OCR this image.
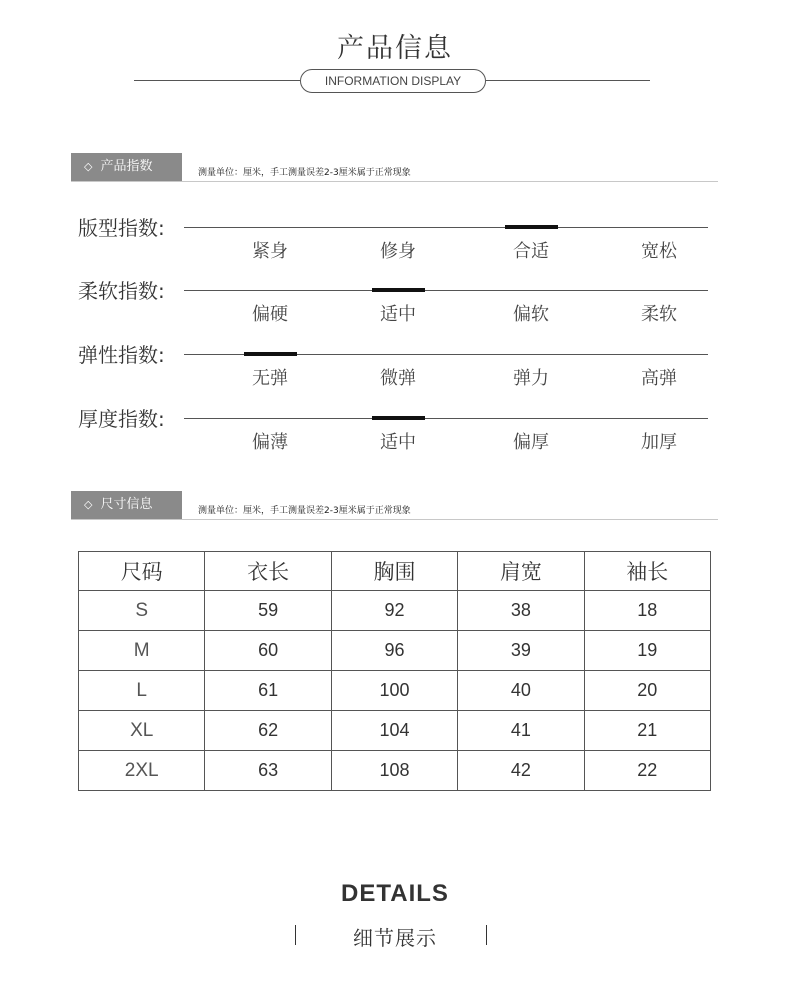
产品信息
INFORMATION DISPLAY
◇ 产品指数	测量单位：厘米，手工测量误差2-3厘米属于正常现象
版型指数:
紧身	修身	合适	宽松
柔软指数:
偏硬	适中	偏软	柔软
弹性指数:
无弹	微弹	弹力	高弹
厚度指数:
偏薄	适中	偏厚	加厚
◇ 尺寸信息	测量单位：厘米，手工测量误差2-3厘米属于正常现象
尺码	衣长	胸围	肩宽	袖长
S	59	92	38	18
M	60	96	39	19
L	61	100	40	20
XL	62	104	41	21
2XL	63	108	42	22
DETAILS
细节展示
